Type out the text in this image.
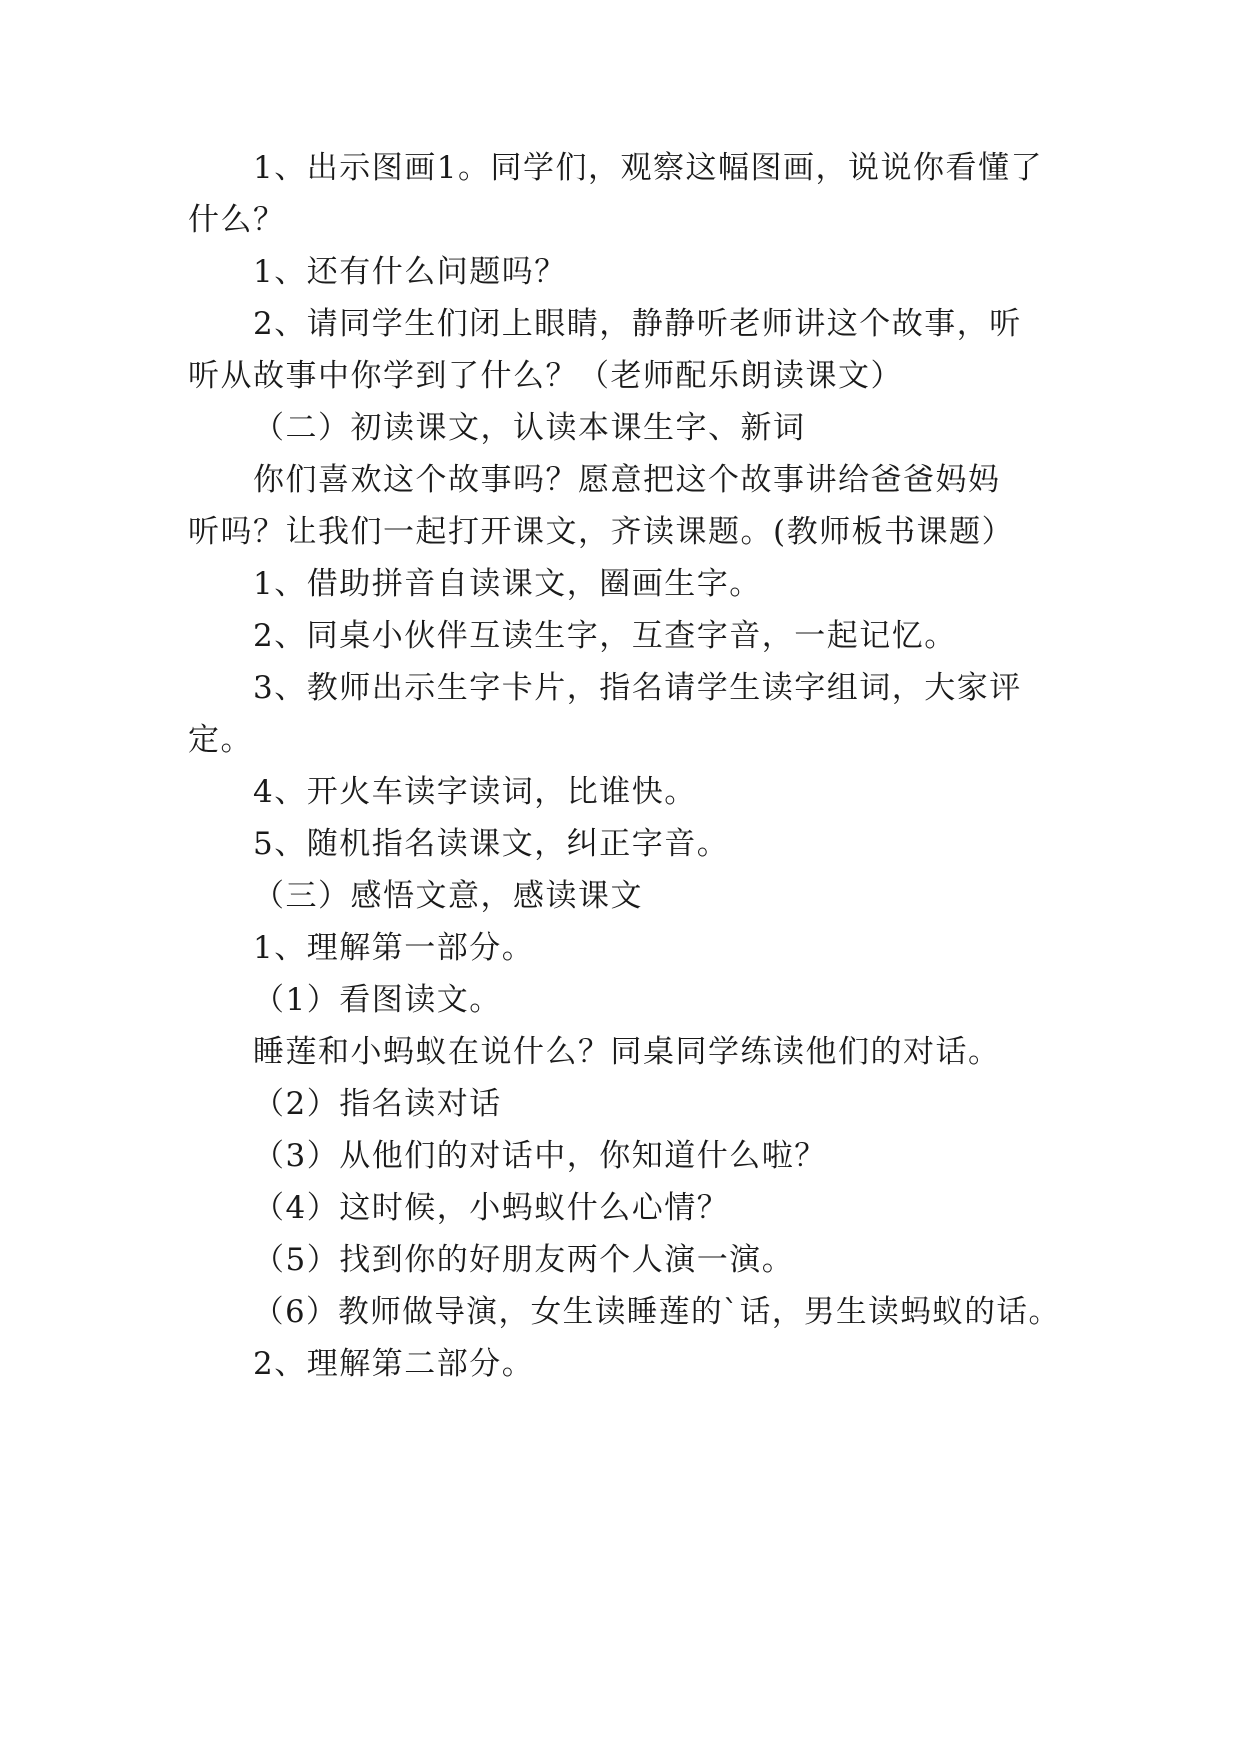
1、出示图画1。同学们，观察这幅图画，说说你看懂了
什么？
1、还有什么问题吗？
2、请同学生们闭上眼睛，静静听老师讲这个故事，听
听从故事中你学到了什么？（老师配乐朗读课文）
（二）初读课文，认读本课生字、新词
你们喜欢这个故事吗？愿意把这个故事讲给爸爸妈妈
听吗？让我们一起打开课文，齐读课题。(教师板书课题）
1、借助拼音自读课文，圈画生字。
2、同桌小伙伴互读生字，互查字音，一起记忆。
3、教师出示生字卡片，指名请学生读字组词，大家评
定。
4、开火车读字读词，比谁快。
5、随机指名读课文，纠正字音。
（三）感悟文意，感读课文
1、理解第一部分。
（1）看图读文。
睡莲和小蚂蚁在说什么？同桌同学练读他们的对话。
（2）指名读对话
（3）从他们的对话中，你知道什么啦？
（4）这时候，小蚂蚁什么心情？
（5）找到你的好朋友两个人演一演。
（6）教师做导演，女生读睡莲的`话，男生读蚂蚁的话。
2、理解第二部分。
